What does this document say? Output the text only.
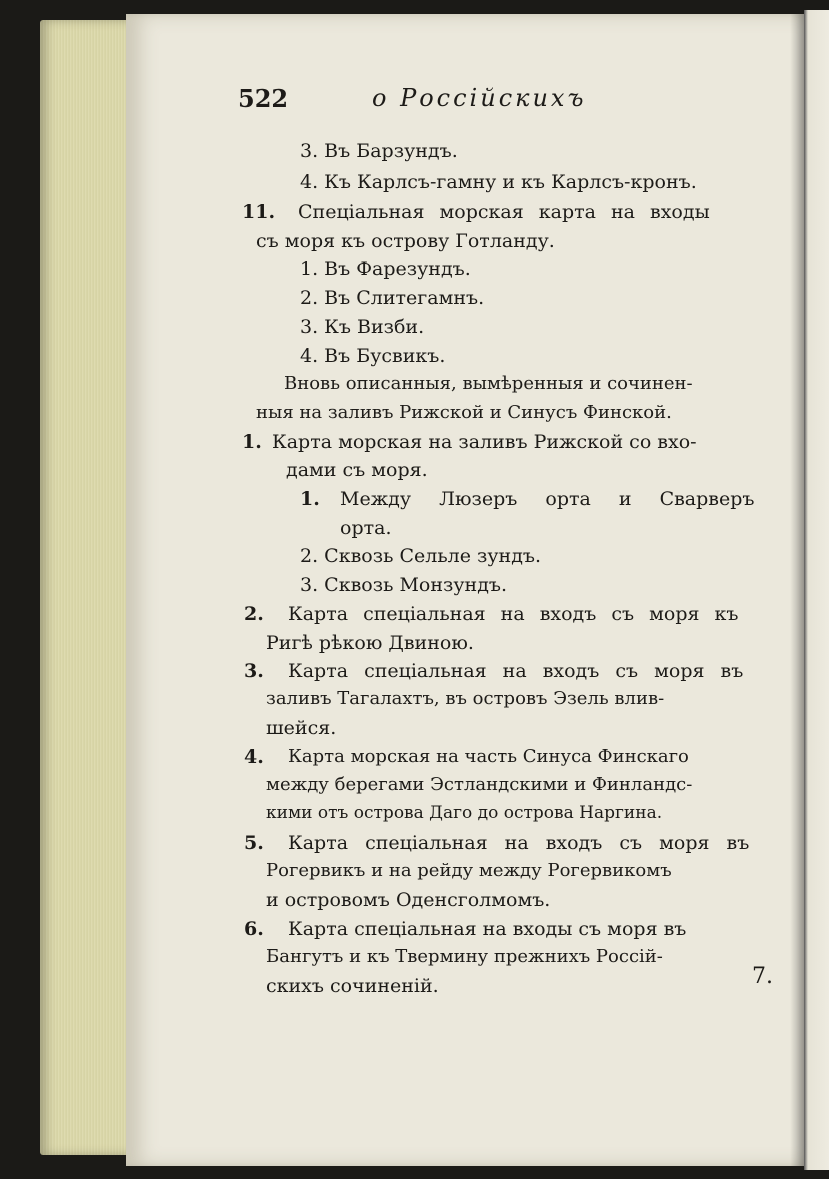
522	о Россійскихъ
3. Въ Барзундъ.
4. Къ Карлсъ-гамну и къ Карлсъ-кронъ.
11. Спеціальная морская карта на входы
съ моря къ острову Готланду.
1. Въ Фарезундъ.
2. Въ Слитегамнъ.
3. Къ Визби.
4. Въ Бусвикъ.
Вновь описанныя, вымѣренныя и сочинен-
ныя на заливъ Рижской и Синусъ Финской.
1. Карта морская на заливъ Рижской со вхо-
дами съ моря.
1. Между Люзеръ орта и Сварверъ
орта.
2. Сквозь Сельле зундъ.
3. Сквозь Монзундъ.
2. Карта спеціальная на входъ съ моря къ
Ригѣ рѣкою Двиною.
3. Карта спеціальная на входъ съ моря въ
заливъ Тагалахтъ, въ островъ Эзель влив-
шейся.
4. Карта морская на часть Синуса Финскаго
между берегами Эстландскими и Финландс-
кими отъ острова Даго до острова Наргина.
5. Карта спеціальная на входъ съ моря въ
Рогервикъ и на рейду между Рогервикомъ
и островомъ Оденсголмомъ.
6. Карта спеціальная на входы съ моря въ
Бангутъ и къ Твермину прежнихъ Россій-
скихъ сочиненій.	7.
